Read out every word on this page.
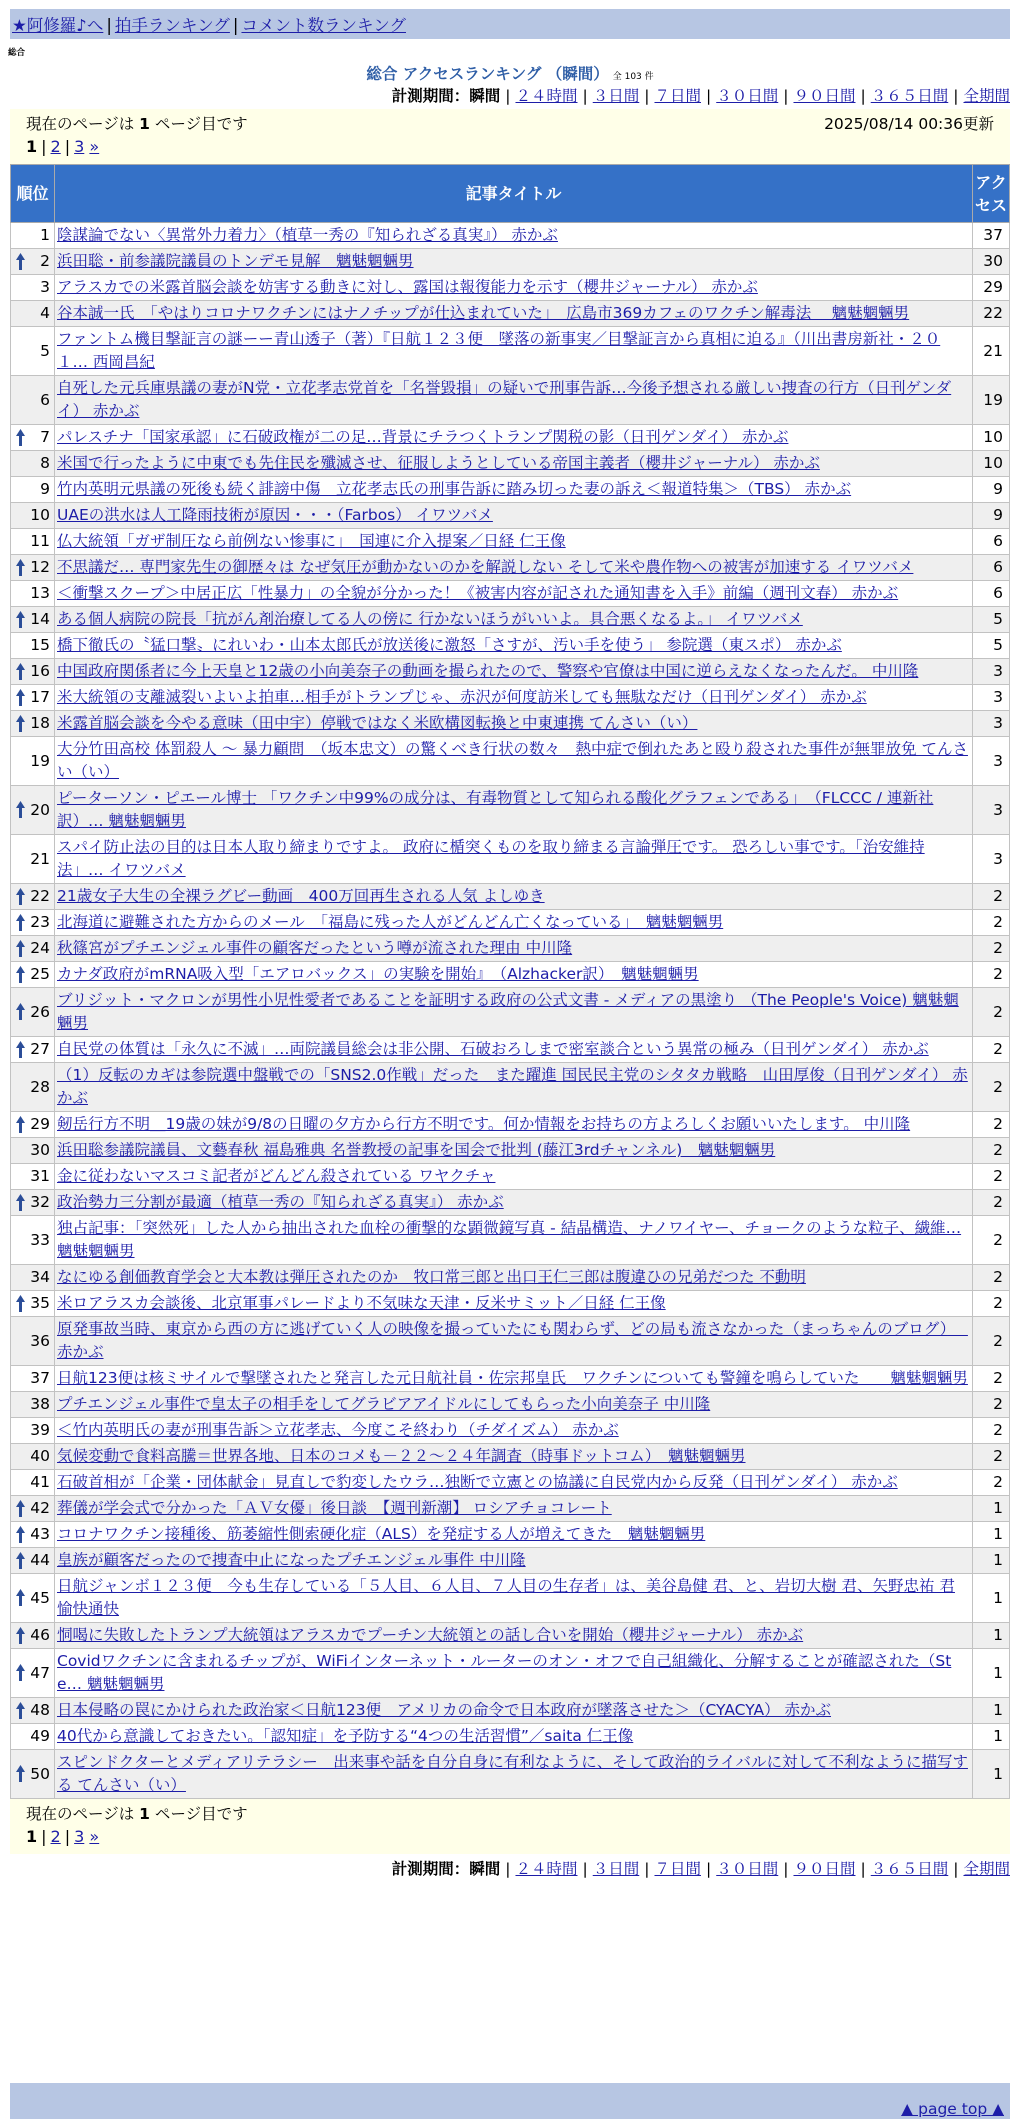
★阿修羅♪へ | 拍手ランキング | コメント数ランキング
総合
総合 アクセスランキング （瞬間） 全 103 件
計測期間：瞬間 | ２４時間 | ３日間 | ７日間 | ３０日間 | ９０日間 | ３６５日間 | 全期間
現在のページは 1 ページ目です	2025/08/14 00:36更新
1 | 2 | 3 »
順位	記事タイトル	アクセス
1	陰謀論でない〈異常外力着力〉（植草一秀の『知られざる真実』） 赤かぶ	37

2	浜田聡・前参議院議員のトンデモ見解　魑魅魍魎男	30
3	アラスカでの米露首脳会談を妨害する動きに対し、露国は報復能力を示す（櫻井ジャーナル） 赤かぶ	29
4	谷本誠一氏　「やはりコロナワクチンにはナノチップが仕込まれていた」　広島市369カフェのワクチン解毒法　 魑魅魍魎男	22
5	ファントム機目撃証言の謎ーー青山透子（著）『日航１２３便　墜落の新事実／目撃証言から真相に迫る』（川出書房新社・２０１… 西岡昌紀	21
6	自死した元兵庫県議の妻がN党・立花孝志党首を「名誉毀損」の疑いで刑事告訴…今後予想される厳しい捜査の行方（日刊ゲンダイ） 赤かぶ	19

7	パレスチナ「国家承認」に石破政権が二の足…背景にチラつくトランプ関税の影（日刊ゲンダイ） 赤かぶ	10
8	米国で行ったように中東でも先住民を殲滅させ、征服しようとしている帝国主義者（櫻井ジャーナル） 赤かぶ	10
9	竹内英明元県議の死後も続く誹謗中傷　立花孝志氏の刑事告訴に踏み切った妻の訴え＜報道特集＞（TBS） 赤かぶ	9
10	UAEの洪水は人工降雨技術が原因・・・（Farbos） イワツバメ	9
11	仏大統領「ガザ制圧なら前例ない惨事に」　国連に介入提案／日経 仁王像	6

12	不思議だ… 専門家先生の御歴々は なぜ気圧が動かないのかを解説しない そして米や農作物への被害が加速する イワツバメ	6
13	＜衝撃スクープ＞中居正広「性暴力」の全貌が分かった！《被害内容が記された通知書を入手》前編（週刊文春） 赤かぶ	6

14	ある個人病院の院長「抗がん剤治療してる人の傍に 行かないほうがいいよ。具合悪くなるよ。」 イワツバメ	5
15	橋下徹氏の〝猛口撃〟にれいわ・山本太郎氏が放送後に激怒「さすが、汚い手を使う」 参院選（東スポ） 赤かぶ	5

16	中国政府関係者に今上天皇と12歳の小向美奈子の動画を撮られたので、警察や官僚は中国に逆らえなくなったんだ。 中川隆	3

17	米大統領の支離滅裂いよいよ拍車…相手がトランプじゃ、赤沢が何度訪米しても無駄なだけ（日刊ゲンダイ） 赤かぶ	3

18	米露首脳会談を今やる意味（田中宇）停戦ではなく米欧構図転換と中東連携 てんさい（い）	3
19	大分竹田高校 体罰殺人 〜 暴力顧問　（坂本忠文）の驚くべき行状の数々　熱中症で倒れたあと殴り殺された事件が無罪放免 てんさい（い）	3

20	ピーターソン・ピエール博士 「ワクチン中99%の成分は、有毒物質として知られる酸化グラフェンである」　（FLCCC / 連新社訳）… 魑魅魍魎男	3
21	スパイ防止法の目的は日本人取り締まりですよ。 政府に楯突くものを取り締まる言論弾圧です。 恐ろしい事です。「治安維持法」… イワツバメ	3

22	21歳女子大生の全裸ラグビー動画　400万回再生される人気 よしゆき	2

23	北海道に避難された方からのメール　「福島に残った人がどんどん亡くなっている」　魑魅魍魎男	2

24	秋篠宮がプチエンジェル事件の顧客だったという噂が流された理由 中川隆	2

25	カナダ政府がmRNA吸入型「エアロバックス」の実験を開始』　（Alzhacker訳）　魑魅魍魎男	2

26	ブリジット・マクロンが男性小児性愛者であることを証明する政府の公式文書 - メディアの黒塗り （The People's Voice) 魑魅魍魎男	2

27	自民党の体質は「永久に不滅」…両院議員総会は非公開、石破おろしまで密室談合という異常の極み（日刊ゲンダイ） 赤かぶ	2
28	（1）反転のカギは参院選中盤戦での「SNS2.0作戦」だった　また躍進 国民民主党のシタタカ戦略　山田厚俊（日刊ゲンダイ） 赤かぶ	2

29	剱岳行方不明＿19歳の妹が9/8の日曜の夕方から行方不明です。何か情報をお持ちの方よろしくお願いいたします。 中川隆	2
30	浜田聡参議院議員、文藝春秋 福島雅典 名誉教授の記事を国会で批判 (藤江3rdチャンネル)　魑魅魍魎男	2
31	金に従わないマスコミ記者がどんどん殺されている ワヤクチャ	2

32	政治勢力三分割が最適（植草一秀の『知られざる真実』） 赤かぶ	2
33	独占記事：「突然死」した人から抽出された血栓の衝撃的な顕微鏡写真 - 結晶構造、ナノワイヤー、チョークのような粒子、繊維… 魑魅魍魎男	2
34	なにゆる創価教育学会と大本教は弾圧されたのか　牧口常三郎と出口王仁三郎は腹違ひの兄弟だつた 不動明	2

35	米ロアラスカ会談後、北京軍事パレードより不気味な天津・反米サミット／日経 仁王像	2
36	原発事故当時、東京から西の方に逃げていく人の映像を撮っていたにも関わらず、どの局も流さなかった（まっちゃんのブログ）　 赤かぶ	2
37	日航123便は核ミサイルで撃墜されたと発言した元日航社員・佐宗邦皇氏　ワクチンについても警鐘を鳴らしていた　　魑魅魍魎男	2
38	プチエンジェル事件で皇太子の相手をしてグラビアアイドルにしてもらった小向美奈子 中川隆	2
39	＜竹内英明氏の妻が刑事告訴＞立花孝志、今度こそ終わり（チダイズム） 赤かぶ	2
40	気候変動で食料高騰＝世界各地、日本のコメも－２２～２４年調査（時事ドットコム）　魑魅魍魎男	2
41	石破首相が「企業・団体献金」見直しで豹変したウラ…独断で立憲との協議に自民党内から反発（日刊ゲンダイ） 赤かぶ	2

42	葬儀が学会式で分かった「ＡＶ女優」後日談　【週刊新潮】 ロシアチョコレート	1

43	コロナワクチン接種後、筋萎縮性側索硬化症（ALS）を発症する人が増えてきた　魑魅魍魎男	1

44	皇族が顧客だったので捜査中止になったプチエンジェル事件 中川隆	1

45	日航ジャンボ１２３便　今も生存している「５人目、６人目、７人目の生存者」は、美谷島健 君、と、岩切大樹 君、矢野忠祐 君 愉快通快	1

46	恫喝に失敗したトランプ大統領はアラスカでプーチン大統領との話し合いを開始（櫻井ジャーナル） 赤かぶ	1

47	Covidワクチンに含まれるチップが、WiFiインターネット・ルーターのオン・オフで自己組織化、分解することが確認された（Ste… 魑魅魍魎男	1

48	日本侵略の罠にかけられた政治家＜日航123便　アメリカの命令で日本政府が墜落させた＞（CYACYA） 赤かぶ	1
49	40代から意識しておきたい。「認知症」を予防する“4つの生活習慣”／saita 仁王像	1

50	スピンドクターとメディアリテラシー　出来事や話を自分自身に有利なように、そして政治的ライバルに対して不利なように描写する てんさい（い）	1
現在のページは 1 ページ目です
1 | 2 | 3 »
計測期間：瞬間 | ２４時間 | ３日間 | ７日間 | ３０日間 | ９０日間 | ３６５日間 | 全期間
▲ page top ▲
